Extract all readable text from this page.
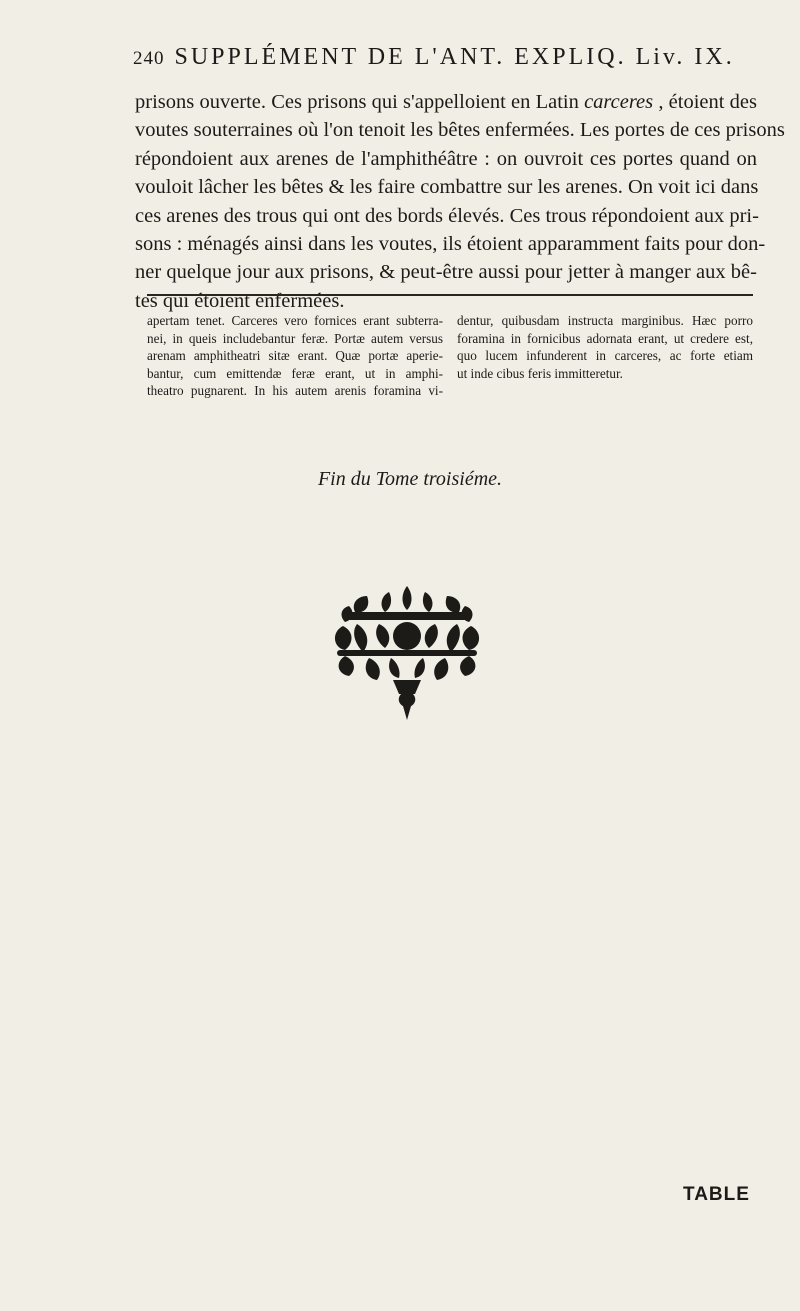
240 SUPPLÉMENT DE L'ANT. EXPLIQ. Liv. IX.
prisons ouverte. Ces prisons qui s'appelloient en Latin carceres , étoient des
voutes souterraines où l'on tenoit les bêtes enfermées. Les portes de ces prisons
répondoient aux arenes de l'amphithéâtre : on ouvroit ces portes quand on
vouloit lâcher les bêtes & les faire combattre sur les arenes. On voit ici dans
ces arenes des trous qui ont des bords élevés. Ces trous répondoient aux pri-
sons : ménagés ainsi dans les voutes, ils étoient apparamment faits pour don-
ner quelque jour aux prisons, & peut-être aussi pour jetter à manger aux bê-
tes qui étoient enfermées.
apertam tenet. Carceres vero fornices erant subterra-
nei, in queis includebantur feræ. Portæ autem versus
arenam amphitheatri sitæ erant. Quæ portæ aperie-
bantur, cum emittendæ feræ erant, ut in amphi-
theatro pugnarent. In his autem arenis foramina vi-
dentur, quibusdam instructa marginibus. Hæc porro
foramina in fornicibus adornata erant, ut credere est,
quo lucem infunderent in carceres, ac forte etiam
ut inde cibus feris immitteretur.
Fin du Tome troisiéme.
TABLE
